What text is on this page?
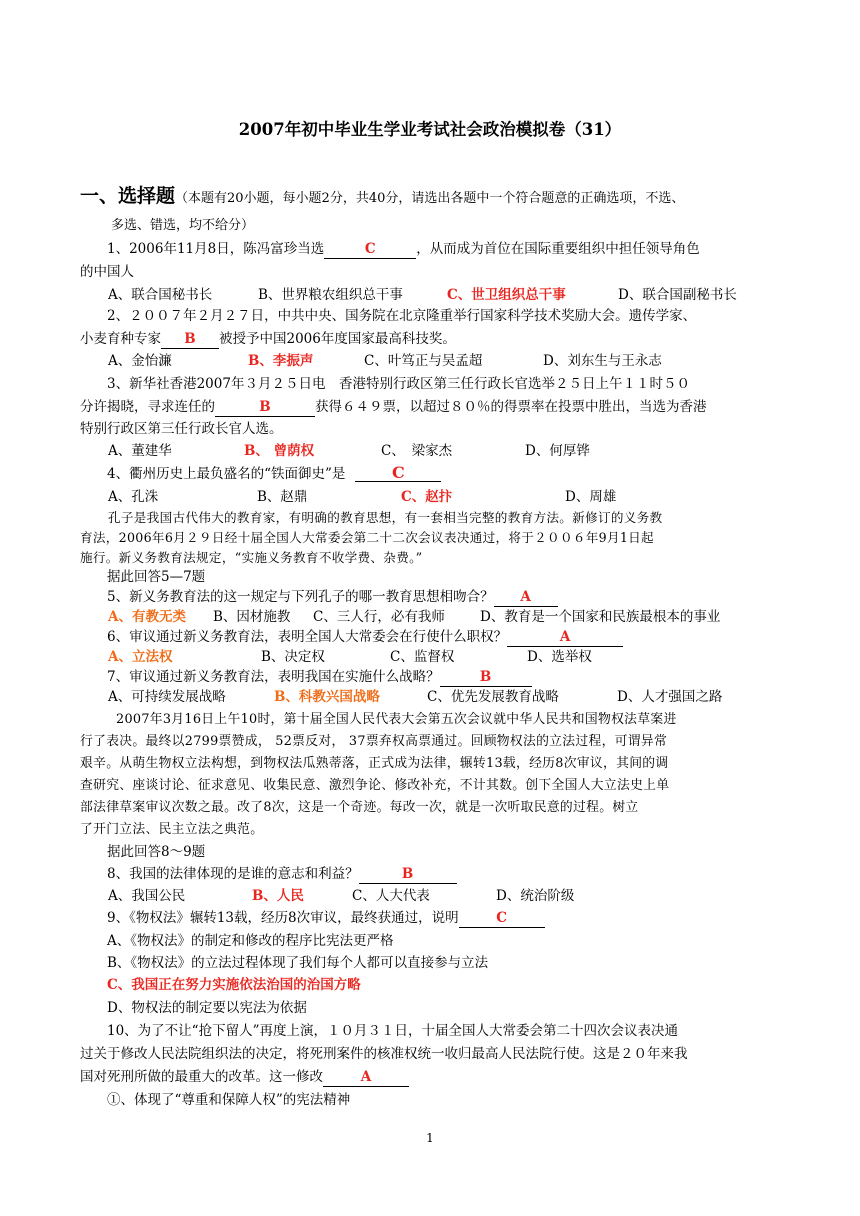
2007年初中毕业生学业考试社会政治模拟卷（31）
一、选择题（本题有20小题，每小题2分，共40分，请选出各题中一个符合题意的正确选项，不选、
多选、错选，均不给分）
1、2006年11月8日，陈冯富珍当选	C	，从而成为首位在国际重要组织中担任领导角色
的中国人
A、联合国秘书长	B、世界粮农组织总干事	C、世卫组织总干事	D、联合国副秘书长
2、２００７年２月２７日，中共中央、国务院在北京隆重举行国家科学技术奖励大会。遗传学家、
小麦育种专家 B 被授予中国2006年度国家最高科技奖。
A、金怡濂	B、李振声	C、叶笃正与吴孟超	D、刘东生与王永志
3、新华社香港2007年３月２５日电　香港特别行政区第三任行政长官选举２５日上午１１时５０
分许揭晓，寻求连任的	B	获得６４９票，以超过８０％的得票率在投票中胜出，当选为香港
特别行政区第三任行政长官人选。
A、董建华	B、 曾荫权	C、　梁家杰	D、何厚铧
4、衢州历史上最负盛名的“铁面御史”是	C
A、孔洙	B、赵鼎	C、赵抃	D、周雄
孔子是我国古代伟大的教育家，有明确的教育思想，有一套相当完整的教育方法。新修订的义务教
育法，2006年6月２９日经十届全国人大常委会第二十二次会议表决通过，将于２００６年9月1日起
施行。新义务教育法规定，“实施义务教育不收学费、杂费。”
据此回答5—7题
5、新义务教育法的这一规定与下列孔子的哪一教育思想相吻合？ A
A、有教无类 B、因材施教 C、三人行，必有我师	D、教育是一个国家和民族最根本的事业
6、审议通过新义务教育法，表明全国人大常委会在行使什么职权？	A
A、立法权	B、决定权	C、监督权	D、选举权
7、审议通过新义务教育法，表明我国在实施什么战略？	B
A、可持续发展战略	B、科教兴国战略	C、优先发展教育战略	D、人才强国之路
2007年3月16日上午10时，第十届全国人民代表大会第五次会议就中华人民共和国物权法草案进
行了表决。最终以2799票赞成， 52票反对， 37票弃权高票通过。回顾物权法的立法过程，可谓异常
艰辛。从萌生物权立法构想，到物权法瓜熟蒂落，正式成为法律，辗转13载，经历8次审议，其间的调
查研究、座谈讨论、征求意见、收集民意、激烈争论、修改补充，不计其数。创下全国人大立法史上单
部法律草案审议次数之最。改了8次，这是一个奇迹。每改一次，就是一次听取民意的过程。树立
了开门立法、民主立法之典范。
据此回答8～9题
8、我国的法律体现的是谁的意志和利益？	B
A、我国公民	B、人民	C、人大代表	D、统治阶级
9、《物权法》辗转13载，经历8次审议，最终获通过，说明	C
A、《物权法》的制定和修改的程序比宪法更严格
B、《物权法》的立法过程体现了我们每个人都可以直接参与立法
C、我国正在努力实施依法治国的治国方略
D、物权法的制定要以宪法为依据
10、为了不让“抢下留人”再度上演，１０月３１日，十届全国人大常委会第二十四次会议表决通
过关于修改人民法院组织法的决定，将死刑案件的核准权统一收归最高人民法院行使。这是２０年来我
国对死刑所做的最重大的改革。这一修改	A
①、体现了“尊重和保障人权”的宪法精神
1
